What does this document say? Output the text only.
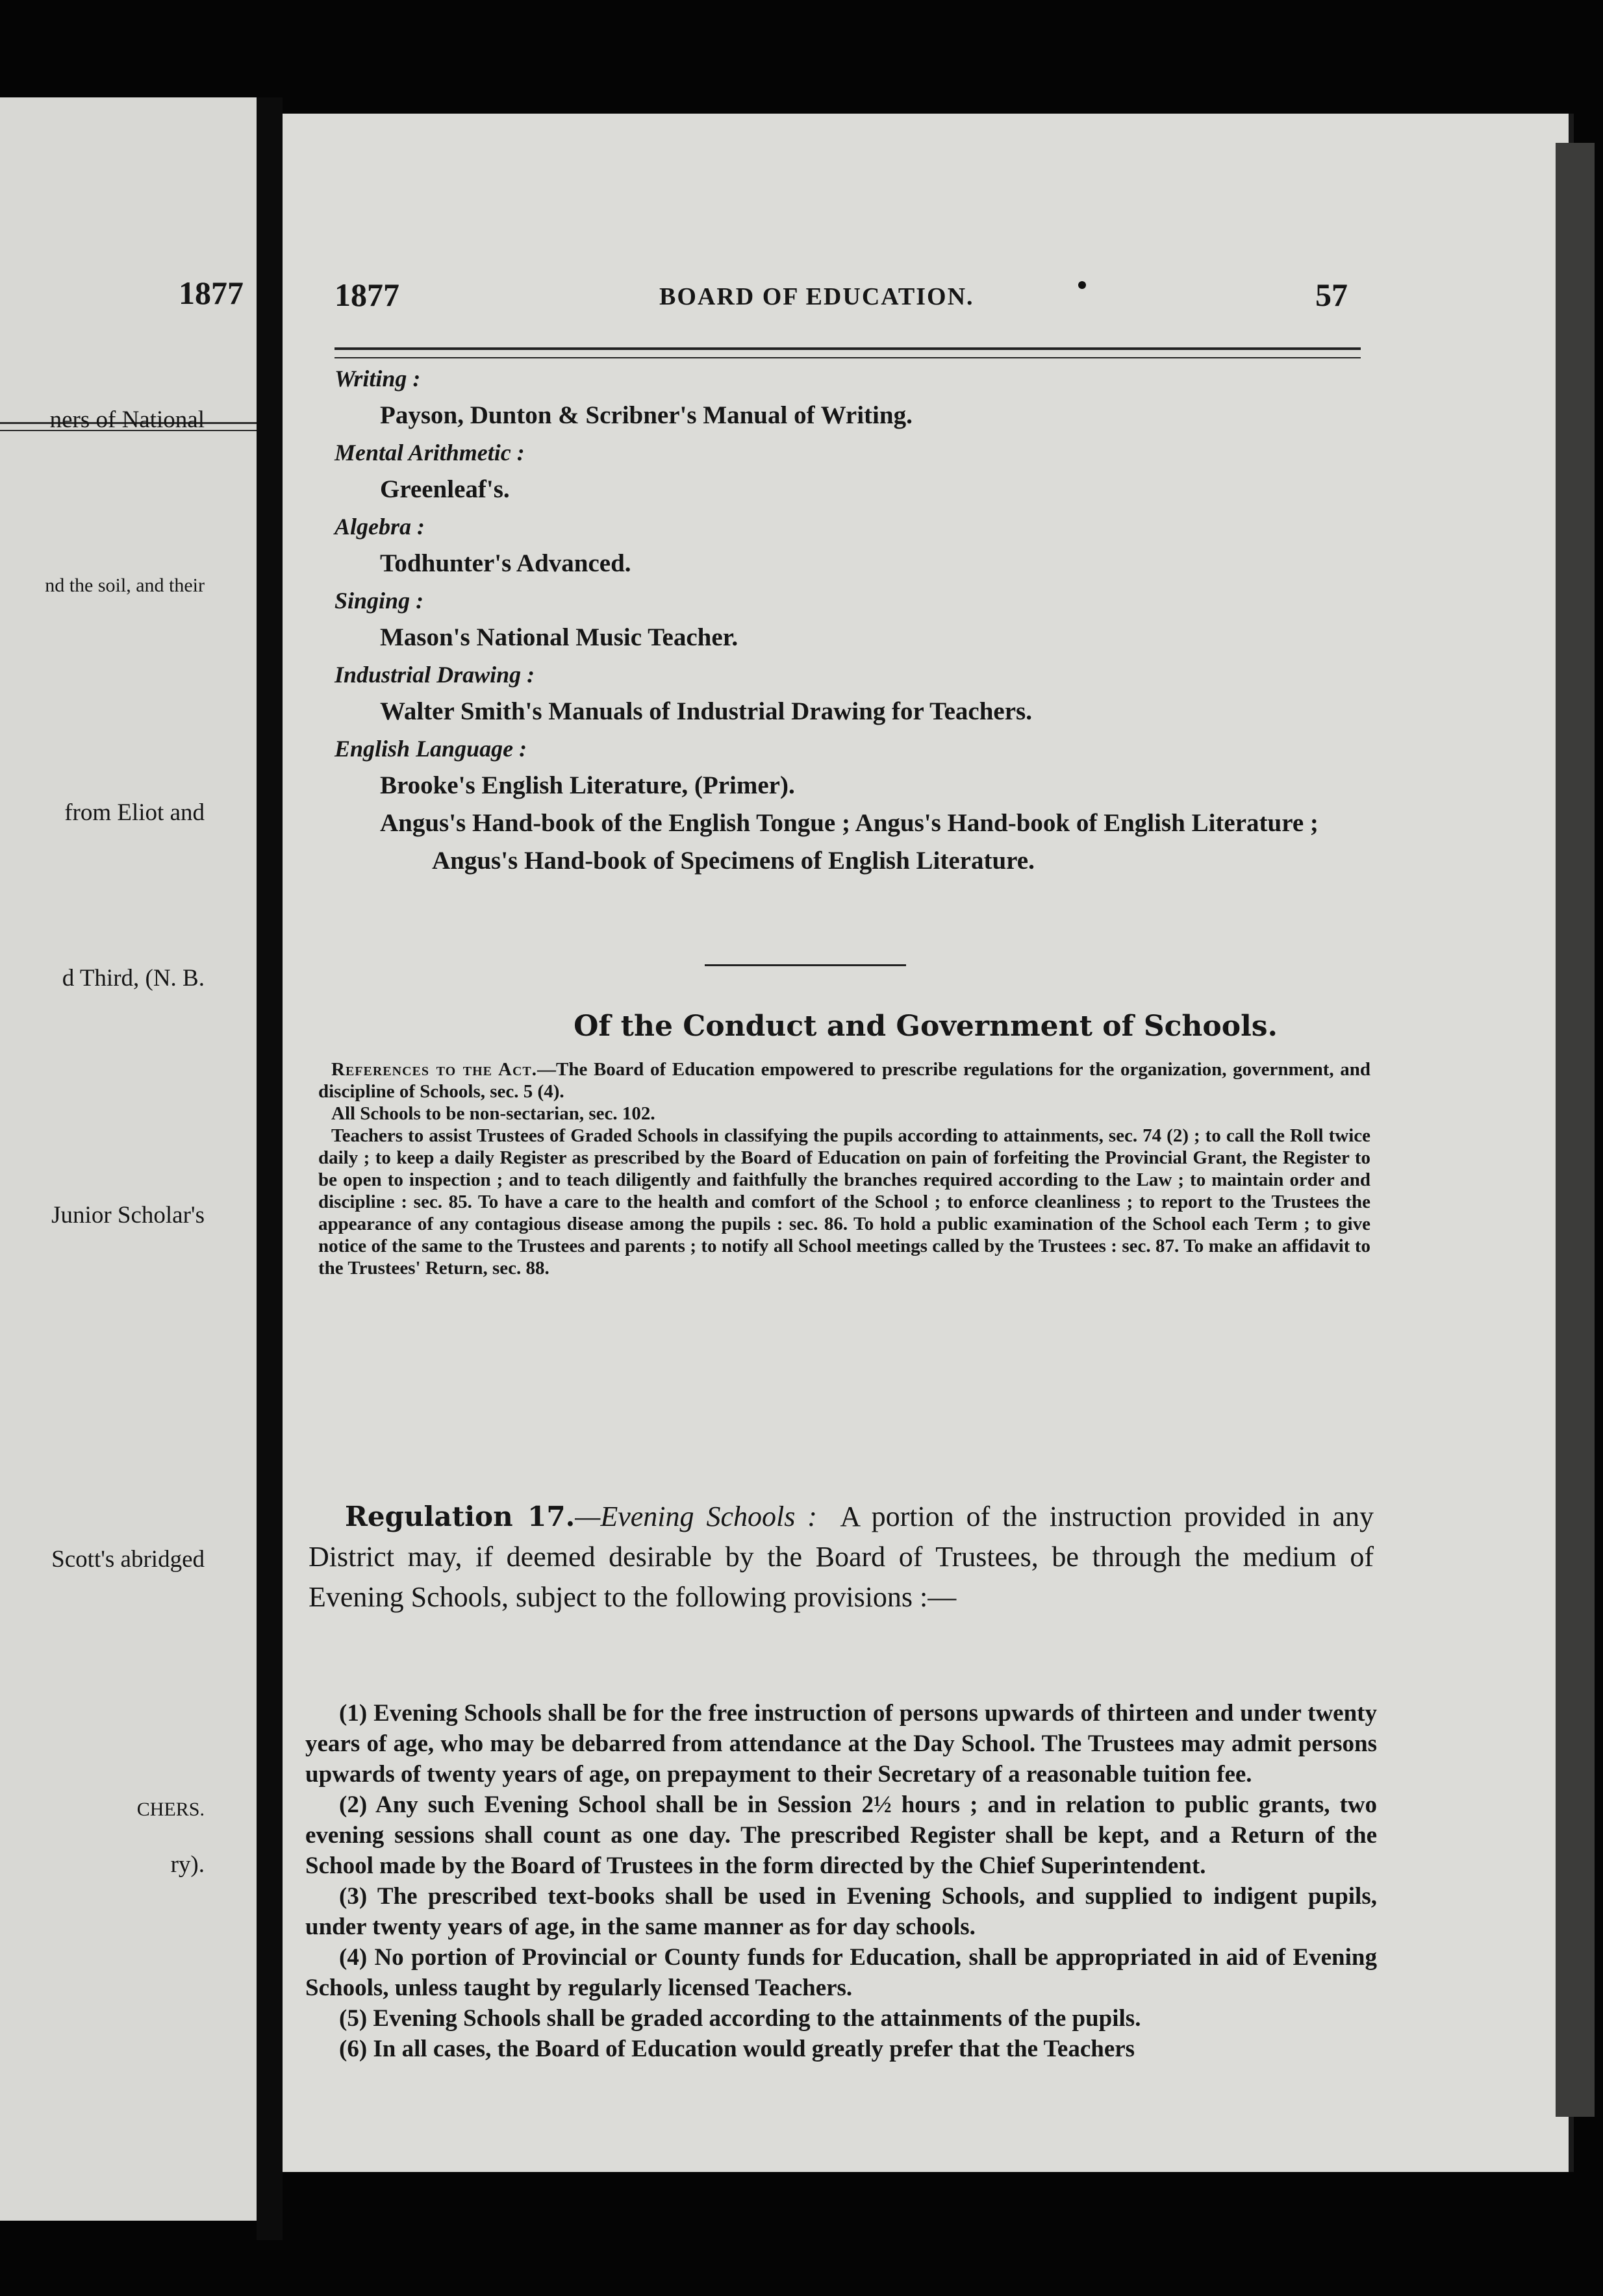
1877
ners of National
nd the soil, and their
from Eliot and
d Third, (N. B.
Junior Scholar's
Scott's abridged
CHERS.
ry).
1877	BOARD OF EDUCATION.	57
Writing :
Payson, Dunton & Scribner's Manual of Writing.
Mental Arithmetic :
Greenleaf's.
Algebra :
Todhunter's Advanced.
Singing :
Mason's National Music Teacher.
Industrial Drawing :
Walter Smith's Manuals of Industrial Drawing for Teachers.
English Language :
Brooke's English Literature, (Primer).
Angus's Hand-book of the English Tongue ; Angus's Hand-book of English Literature ; Angus's Hand-book of Specimens of English Literature.
Of the Conduct and Government of Schools.

References to the Act.—The Board of Education empowered to prescribe regulations for the organization, government, and discipline of Schools, sec. 5 (4).

All Schools to be non-sectarian, sec. 102.

Teachers to assist Trustees of Graded Schools in classifying the pupils according to attainments, sec. 74 (2) ; to call the Roll twice daily ; to keep a daily Register as prescribed by the Board of Education on pain of forfeiting the Provincial Grant, the Register to be open to inspection ; and to teach diligently and faithfully the branches required according to the Law ; to maintain order and discipline : sec. 85. To have a care to the health and comfort of the School ; to enforce cleanliness ; to report to the Trustees the appearance of any contagious disease among the pupils : sec. 86. To hold a public examination of the School each Term ; to give notice of the same to the Trustees and parents ; to notify all School meetings called by the Trustees : sec. 87. To make an affidavit to the Trustees' Return, sec. 88.

Regulation 17.—Evening Schools : A portion of the instruction provided in any District may, if deemed desirable by the Board of Trustees, be through the medium of Evening Schools, subject to the following provisions :—

(1) Evening Schools shall be for the free instruction of persons upwards of thirteen and under twenty years of age, who may be debarred from attendance at the Day School. The Trustees may admit persons upwards of twenty years of age, on prepayment to their Secretary of a reasonable tuition fee.

(2) Any such Evening School shall be in Session 2½ hours ; and in relation to public grants, two evening sessions shall count as one day. The prescribed Register shall be kept, and a Return of the School made by the Board of Trustees in the form directed by the Chief Superintendent.

(3) The prescribed text-books shall be used in Evening Schools, and supplied to indigent pupils, under twenty years of age, in the same manner as for day schools.

(4) No portion of Provincial or County funds for Education, shall be appropriated in aid of Evening Schools, unless taught by regularly licensed Teachers.

(5) Evening Schools shall be graded according to the attainments of the pupils.

(6) In all cases, the Board of Education would greatly prefer that the Teachers
